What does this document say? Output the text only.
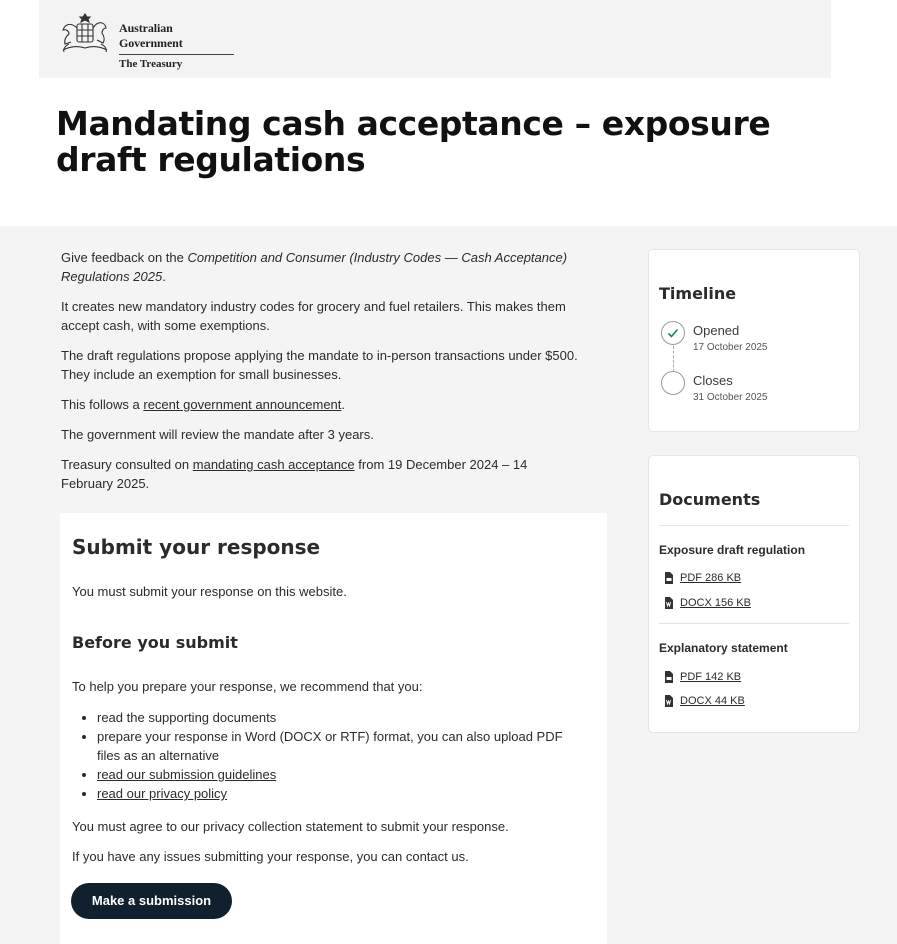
Australian Government
The Treasury
Mandating cash acceptance – exposure draft regulations

Give feedback on the Competition and Consumer (Industry Codes — Cash Acceptance) Regulations 2025.

It creates new mandatory industry codes for grocery and fuel retailers. This makes them accept cash, with some exemptions.

The draft regulations propose applying the mandate to in-person transactions under $500. They include an exemption for small businesses.

This follows a recent government announcement.

The government will review the mandate after 3 years.

Treasury consulted on mandating cash acceptance from 19 December 2024 – 14 February 2025.

Submit your response

You must submit your response on this website.

Before you submit

To help you prepare your response, we recommend that you:

• read the supporting documents
• prepare your response in Word (DOCX or RTF) format, you can also upload PDF files as an alternative
• read our submission guidelines
• read our privacy policy

You must agree to our privacy collection statement to submit your response.

If you have any issues submitting your response, you can contact us.

Make a submission
Timeline
Opened
17 October 2025
Closes
31 October 2025
Documents
Exposure draft regulation
PDF 286 KB
DOCX 156 KB
Explanatory statement
PDF 142 KB
DOCX 44 KB
